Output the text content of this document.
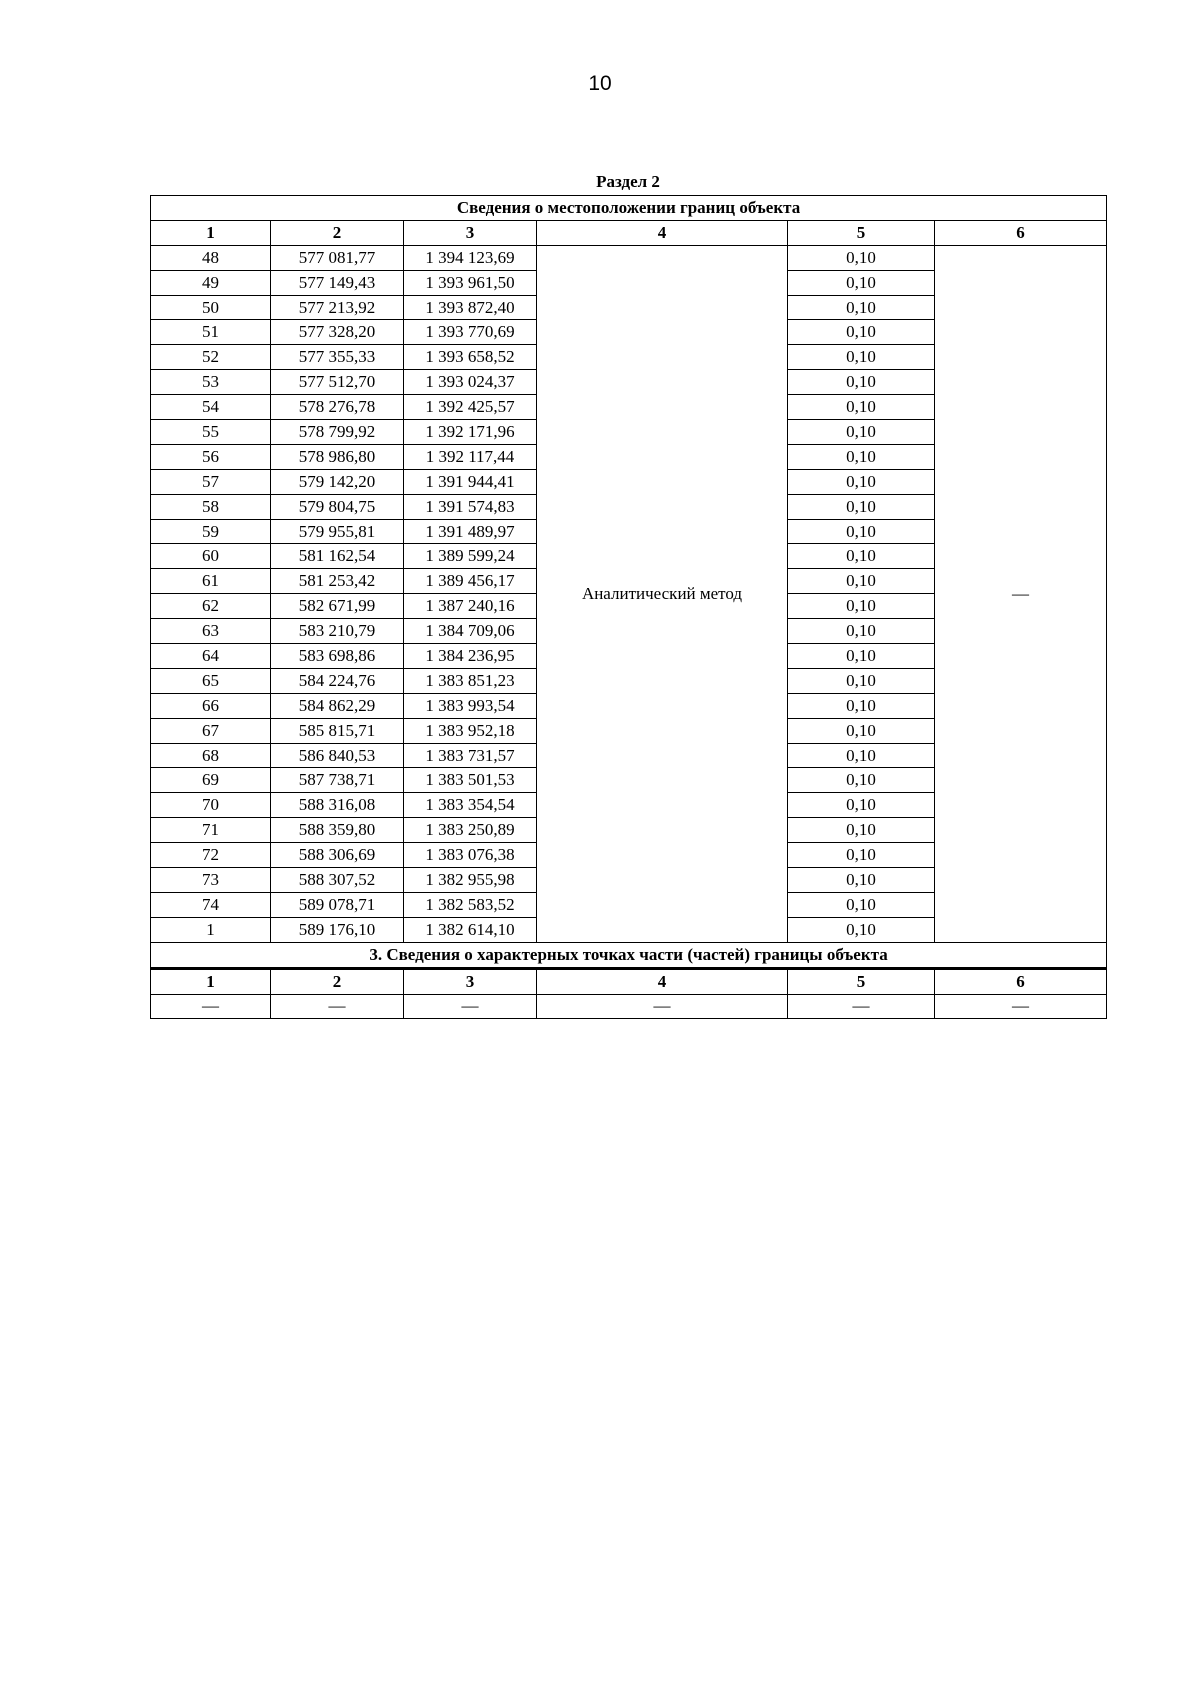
10
Раздел 2
Сведения о местоположении границ объекта					
1	2	3	4	5	6
48	577 081,77	1 394 123,69	Аналитический метод	0,10	—
49	577 149,43	1 393 961,50		0,10	
50	577 213,92	1 393 872,40		0,10	
51	577 328,20	1 393 770,69		0,10	
52	577 355,33	1 393 658,52		0,10	
53	577 512,70	1 393 024,37		0,10	
54	578 276,78	1 392 425,57		0,10	
55	578 799,92	1 392 171,96		0,10	
56	578 986,80	1 392 117,44		0,10	
57	579 142,20	1 391 944,41		0,10	
58	579 804,75	1 391 574,83		0,10	
59	579 955,81	1 391 489,97		0,10	
60	581 162,54	1 389 599,24		0,10	
61	581 253,42	1 389 456,17		0,10	
62	582 671,99	1 387 240,16		0,10	
63	583 210,79	1 384 709,06		0,10	
64	583 698,86	1 384 236,95		0,10	
65	584 224,76	1 383 851,23		0,10	
66	584 862,29	1 383 993,54		0,10	
67	585 815,71	1 383 952,18		0,10	
68	586 840,53	1 383 731,57		0,10	
69	587 738,71	1 383 501,53		0,10	
70	588 316,08	1 383 354,54		0,10	
71	588 359,80	1 383 250,89		0,10	
72	588 306,69	1 383 076,38		0,10	
73	588 307,52	1 382 955,98		0,10	
74	589 078,71	1 382 583,52		0,10	
1	589 176,10	1 382 614,10		0,10	
3. Сведения о характерных точках части (частей) границы объекта					
1	2	3	4	5	6
—	—	—	—	—	—
